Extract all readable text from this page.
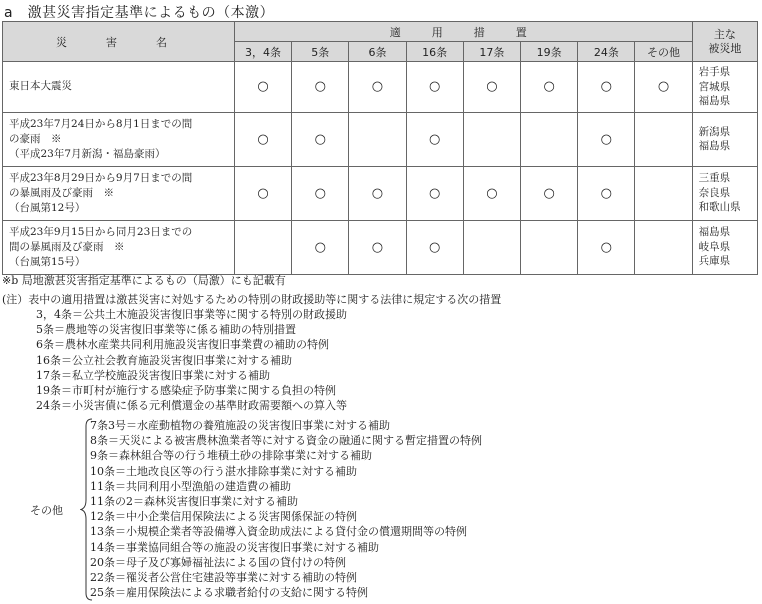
a　激甚災害指定基準によるもの（本激）
災　害　名	適　用　措　置								主な
被災地

	3，4条	5条	6条	16条	17条	19条	24条	その他	

東日本大震災	○	○	○	○	○	○	○	○	岩手県
宮城県
福島県

平成23年7月24日から8月1日までの間
の豪雨　※
（平成23年7月新潟・福島豪雨）	○	○		○			○		新潟県
福島県

平成23年8月29日から9月7日までの間
の暴風雨及び豪雨　※
（台風第12号）	○	○	○	○	○	○	○		三重県
奈良県
和歌山県

平成23年9月15日から同月23日までの
間の暴風雨及び豪雨　※
（台風第15号）		○	○	○			○		福島県
岐阜県
兵庫県
※b 局地激甚災害指定基準によるもの（局激）にも記載有
(注）表中の適用措置は激甚災害に対処するための特別の財政援助等に関する法律に規定する次の措置
3，4条＝公共土木施設災害復旧事業等に関する特別の財政援助
5条＝農地等の災害復旧事業等に係る補助の特別措置
6条＝農林水産業共同利用施設災害復旧事業費の補助の特例
16条＝公立社会教育施設災害復旧事業に対する補助
17条＝私立学校施設災害復旧事業に対する補助
19条＝市町村が施行する感染症予防事業に関する負担の特例
24条＝小災害債に係る元利償還金の基準財政需要額への算入等
その他
7条3号＝水産動植物の養殖施設の災害復旧事業に対する補助
8条＝天災による被害農林漁業者等に対する資金の融通に関する暫定措置の特例
9条＝森林組合等の行う堆積土砂の排除事業に対する補助
10条＝土地改良区等の行う湛水排除事業に対する補助
11条＝共同利用小型漁船の建造費の補助
11条の2＝森林災害復旧事業に対する補助
12条＝中小企業信用保険法による災害関係保証の特例
13条＝小規模企業者等設備導入資金助成法による貸付金の償還期間等の特例
14条＝事業協同組合等の施設の災害復旧事業に対する補助
20条＝母子及び寡婦福祉法による国の貸付けの特例
22条＝罹災者公営住宅建設等事業に対する補助の特例
25条＝雇用保険法による求職者給付の支給に関する特例
